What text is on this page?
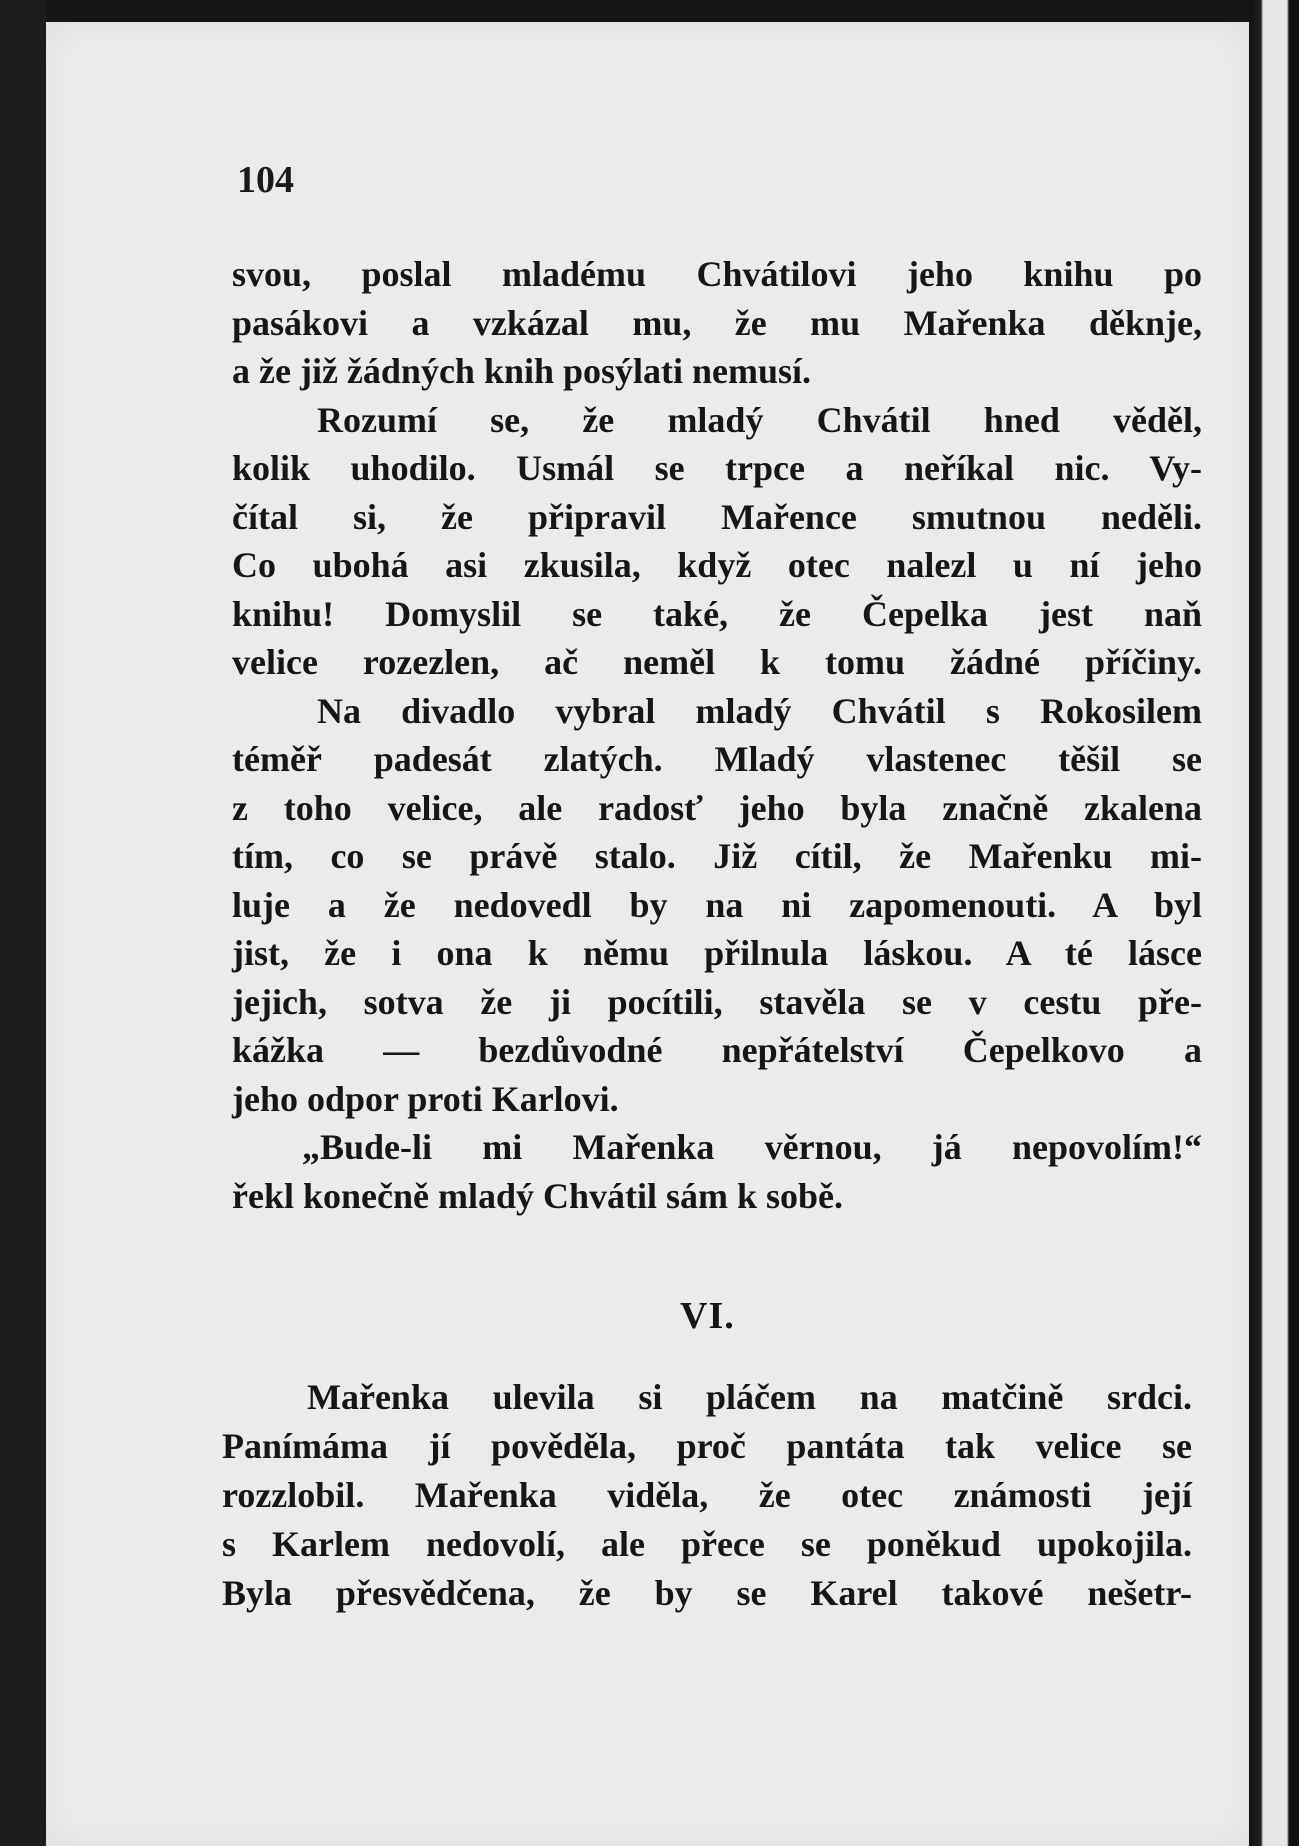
104
svou, poslal mladému Chvátilovi jeho knihu po
pasákovi a vzkázal mu, že mu Mařenka děknje,
a že již žádných knih posýlati nemusí.
Rozumí se, že mladý Chvátil hned věděl,
kolik uhodilo. Usmál se trpce a neříkal nic. Vy-
čítal si, že připravil Mařence smutnou neděli.
Co ubohá asi zkusila, když otec nalezl u ní jeho
knihu! Domyslil se také, že Čepelka jest naň
velice rozezlen, ač neměl k tomu žádné příčiny.
Na divadlo vybral mladý Chvátil s Rokosilem
téměř padesát zlatých. Mladý vlastenec těšil se
z toho velice, ale radosť jeho byla značně zkalena
tím, co se právě stalo. Již cítil, že Mařenku mi-
luje a že nedovedl by na ni zapomenouti. A byl
jist, že i ona k němu přilnula láskou. A té lásce
jejich, sotva že ji pocítili, stavěla se v cestu pře-
kážka — bezdůvodné nepřátelství Čepelkovo a
jeho odpor proti Karlovi.
„Bude-li mi Mařenka věrnou, já nepovolím!“
řekl konečně mladý Chvátil sám k sobě.
VI.
Mařenka ulevila si pláčem na matčině srdci.
Panímáma jí pověděla, proč pantáta tak velice se
rozzlobil. Mařenka viděla, že otec známosti její
s Karlem nedovolí, ale přece se poněkud upokojila.
Byla přesvědčena, že by se Karel takové nešetr-
